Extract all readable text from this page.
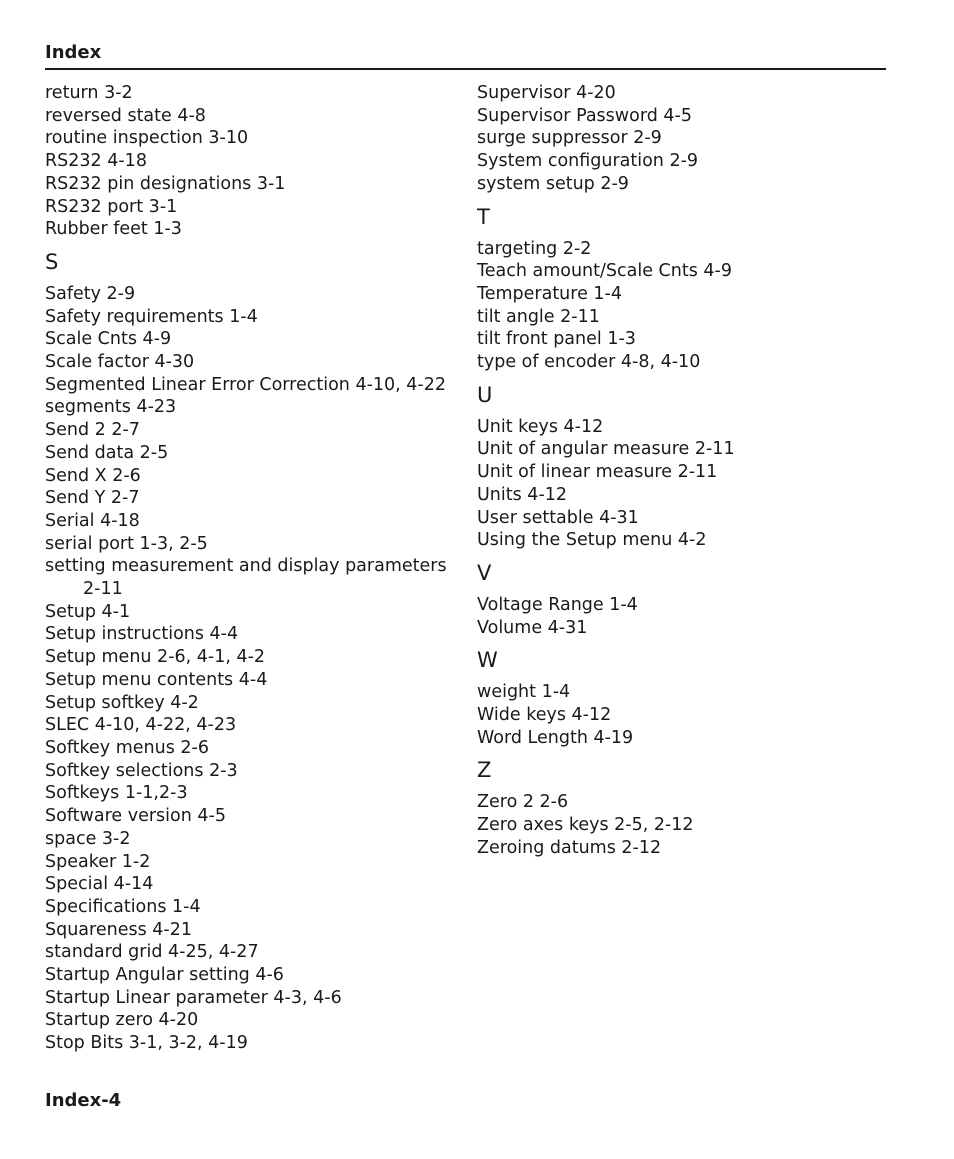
Index
return 3-2
reversed state 4-8
routine inspection 3-10
RS232 4-18
RS232 pin designations 3-1
RS232 port 3-1
Rubber feet 1-3
S
Safety 2-9
Safety requirements 1-4
Scale Cnts 4-9
Scale factor 4-30
Segmented Linear Error Correction 4-10, 4-22
segments 4-23
Send 2 2-7
Send data 2-5
Send X 2-6
Send Y 2-7
Serial 4-18
serial port 1-3, 2-5
setting measurement and display parameters
2-11
Setup 4-1
Setup instructions 4-4
Setup menu 2-6, 4-1, 4-2
Setup menu contents 4-4
Setup softkey 4-2
SLEC 4-10, 4-22, 4-23
Softkey menus 2-6
Softkey selections 2-3
Softkeys 1-1,2-3
Software version 4-5
space 3-2
Speaker 1-2
Special 4-14
Specifications 1-4
Squareness 4-21
standard grid 4-25, 4-27
Startup Angular setting 4-6
Startup Linear parameter 4-3, 4-6
Startup zero 4-20
Stop Bits 3-1, 3-2, 4-19
Supervisor 4-20
Supervisor Password 4-5
surge suppressor 2-9
System configuration 2-9
system setup 2-9
T
targeting 2-2
Teach amount/Scale Cnts 4-9
Temperature 1-4
tilt angle 2-11
tilt front panel 1-3
type of encoder 4-8, 4-10
U
Unit keys 4-12
Unit of angular measure 2-11
Unit of linear measure 2-11
Units 4-12
User settable 4-31
Using the Setup menu 4-2
V
Voltage Range 1-4
Volume 4-31
W
weight 1-4
Wide keys 4-12
Word Length 4-19
Z
Zero 2 2-6
Zero axes keys 2-5, 2-12
Zeroing datums 2-12
Index-4
